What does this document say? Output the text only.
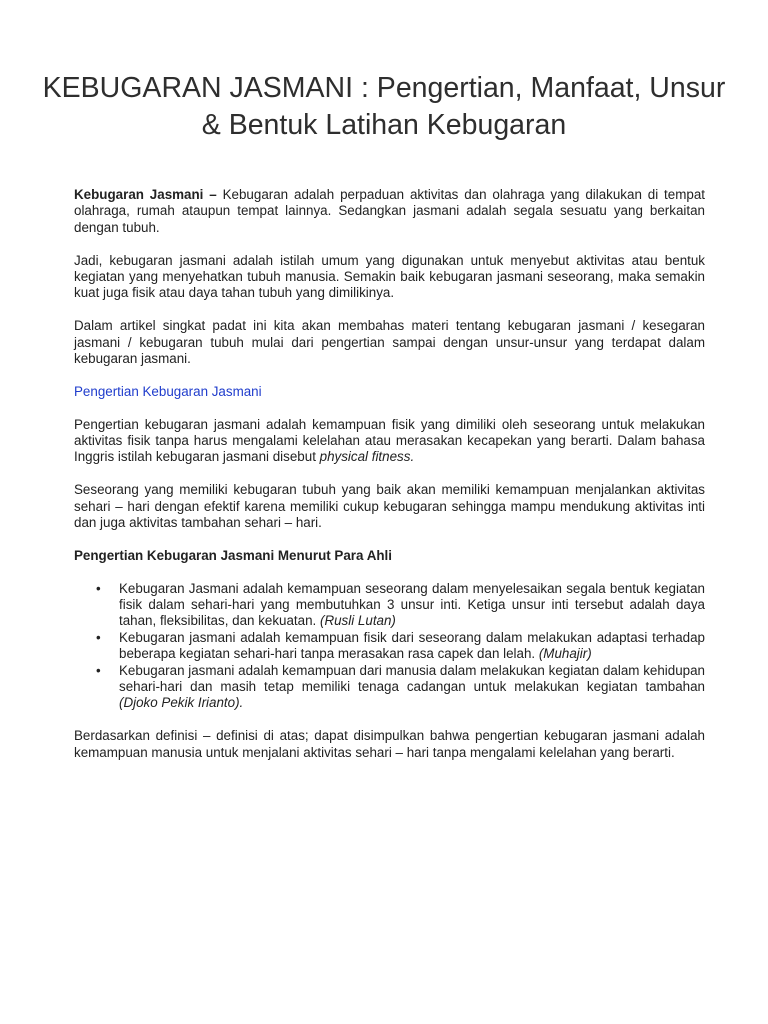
KEBUGARAN JASMANI : Pengertian, Manfaat, Unsur & Bentuk Latihan Kebugaran

Kebugaran Jasmani – Kebugaran adalah perpaduan aktivitas dan olahraga yang dilakukan di tempat olahraga, rumah ataupun tempat lainnya. Sedangkan jasmani adalah segala sesuatu yang berkaitan dengan tubuh.

Jadi, kebugaran jasmani adalah istilah umum yang digunakan untuk menyebut aktivitas atau bentuk kegiatan yang menyehatkan tubuh manusia. Semakin baik kebugaran jasmani seseorang, maka semakin kuat juga fisik atau daya tahan tubuh yang dimilikinya.

Dalam artikel singkat padat ini kita akan membahas materi tentang kebugaran jasmani / kesegaran jasmani / kebugaran tubuh mulai dari pengertian sampai dengan unsur-unsur yang terdapat dalam kebugaran jasmani.

Pengertian Kebugaran Jasmani

Pengertian kebugaran jasmani adalah kemampuan fisik yang dimiliki oleh seseorang untuk melakukan aktivitas fisik tanpa harus mengalami kelelahan atau merasakan kecapekan yang berarti. Dalam bahasa Inggris istilah kebugaran jasmani disebut physical fitness.

Seseorang yang memiliki kebugaran tubuh yang baik akan memiliki kemampuan menjalankan aktivitas sehari – hari dengan efektif karena memiliki cukup kebugaran sehingga mampu mendukung aktivitas inti dan juga aktivitas tambahan sehari – hari.

Pengertian Kebugaran Jasmani Menurut Para Ahli

• Kebugaran Jasmani adalah kemampuan seseorang dalam menyelesaikan segala bentuk kegiatan fisik dalam sehari-hari yang membutuhkan 3 unsur inti. Ketiga unsur inti tersebut adalah daya tahan, fleksibilitas, dan kekuatan. (Rusli Lutan)
• Kebugaran jasmani adalah kemampuan fisik dari seseorang dalam melakukan adaptasi terhadap beberapa kegiatan sehari-hari tanpa merasakan rasa capek dan lelah. (Muhajir)
• Kebugaran jasmani adalah kemampuan dari manusia dalam melakukan kegiatan dalam kehidupan sehari-hari dan masih tetap memiliki tenaga cadangan untuk melakukan kegiatan tambahan (Djoko Pekik Irianto).

Berdasarkan definisi – definisi di atas; dapat disimpulkan bahwa pengertian kebugaran jasmani adalah kemampuan manusia untuk menjalani aktivitas sehari – hari tanpa mengalami kelelahan yang berarti.
